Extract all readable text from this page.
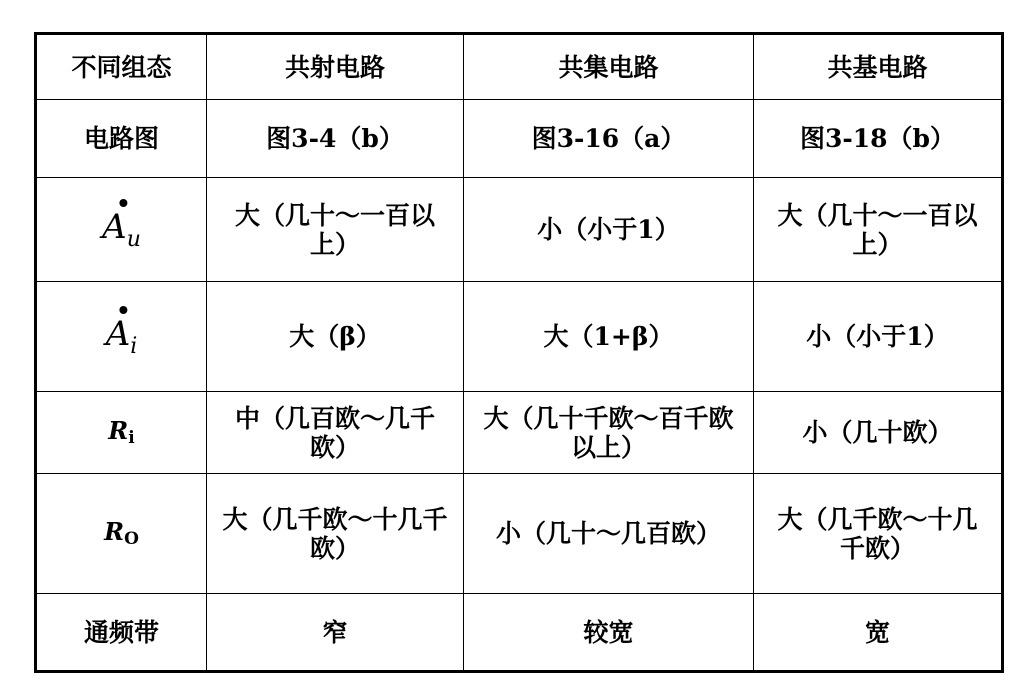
不同组态	共射电路	共集电路	共基电路
电路图	图3-4（b）	图3-16（a）	图3-18（b）

$A_u$	大（几十～一百以上）	小（小于1）	大（几十～一百以上）

$A_i$	大（β）	大（1+β）	小（小于1）
Ri	中（几百欧～几千欧）	大（几十千欧～百千欧以上）	小（几十欧）
RO	大（几千欧～十几千欧）	小（几十～几百欧）	大（几千欧～十几千欧）
通频带	窄	较宽	宽
